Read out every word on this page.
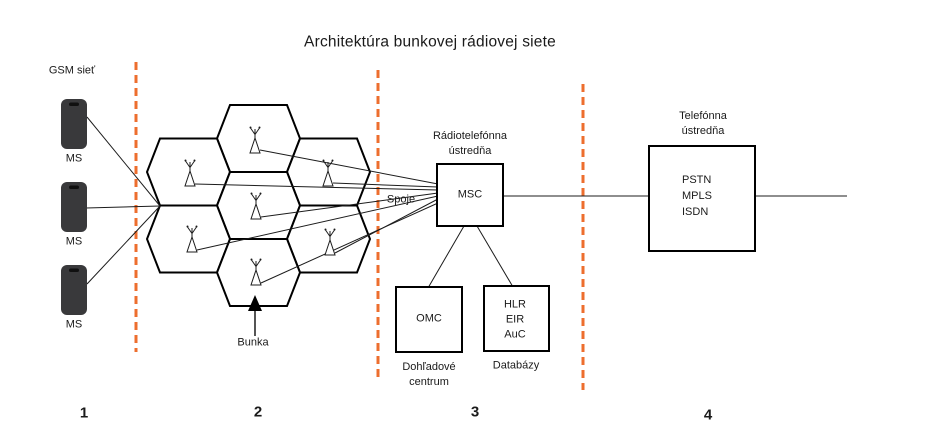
Architektúra bunkovej rádiovej siete
GSM sieť
MS
MS
MS
Spoje
Bunka
Rádiotelefónna
ústredňa
MSC
OMC
Dohľadové
centrum
HLR
EIR
AuC
Databázy
Telefónna
ústredňa
PSTN
MPLS
ISDN
1	2	3	4
